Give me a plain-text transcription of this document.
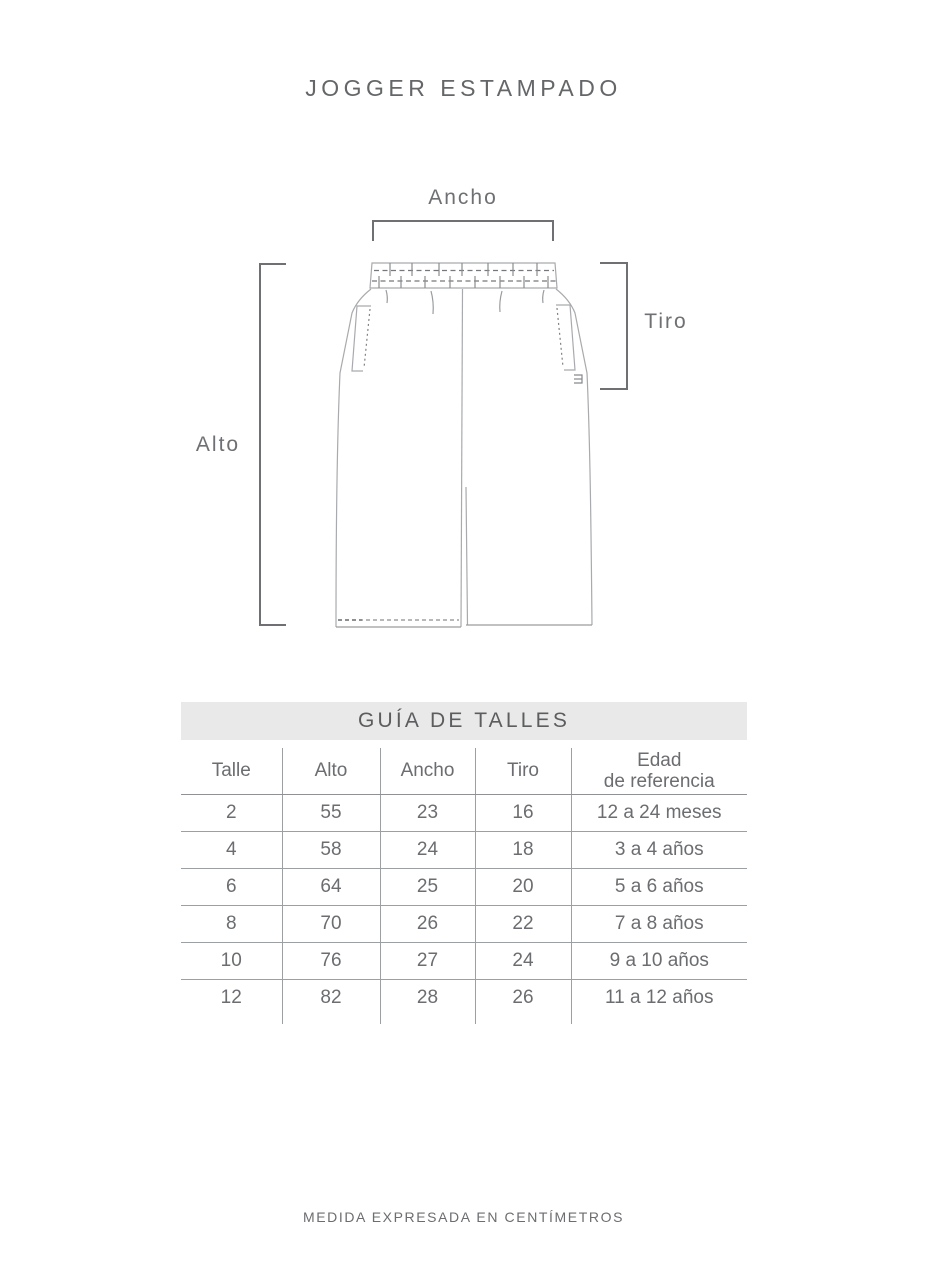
JOGGER ESTAMPADO
Ancho
Tiro
Alto
GUÍA DE TALLES
Talle	Alto	Ancho	Tiro	Edad
de referencia

2	55	23	16	12 a 24 meses
4	58	24	18	3 a 4 años
6	64	25	20	5 a 6 años
8	70	26	22	7 a 8 años
10	76	27	24	9 a 10 años
12	82	28	26	11 a 12 años

MEDIDA EXPRESADA EN CENTÍMETROS
